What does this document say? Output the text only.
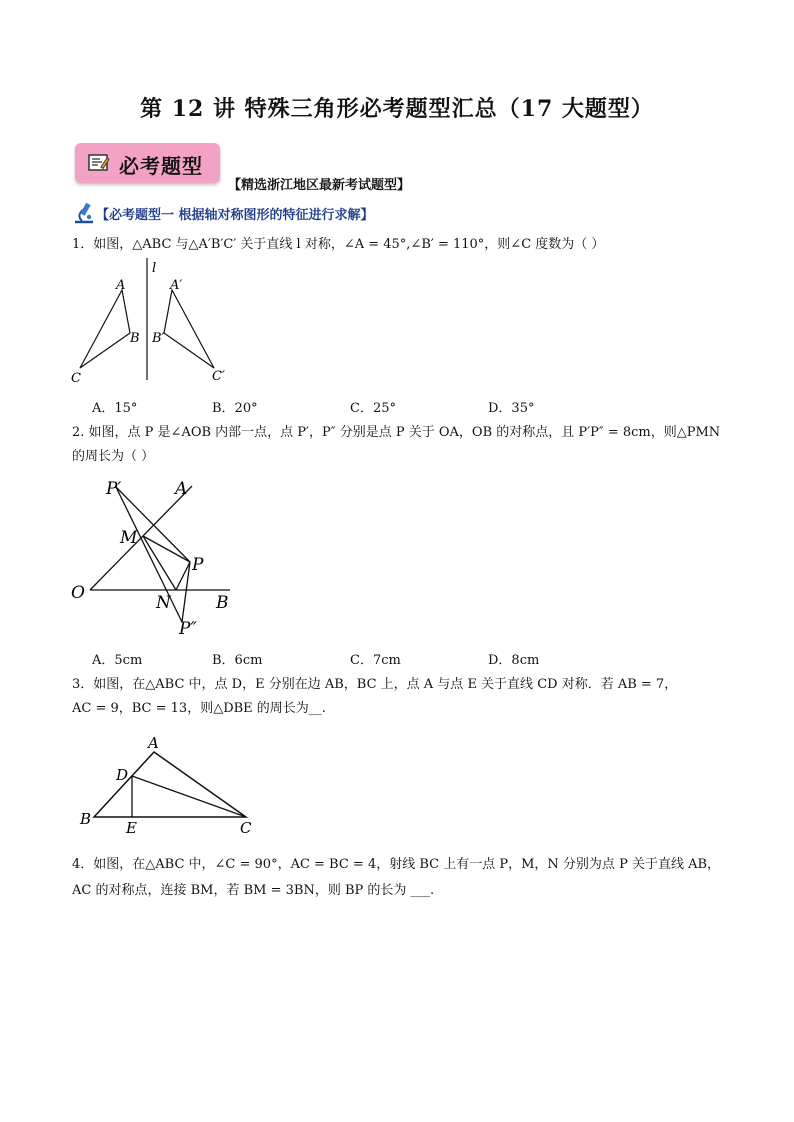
第 12 讲 特殊三角形必考题型汇总（17 大题型）
必考题型
【精选浙江地区最新考试题型】
【必考题型一 根据轴对称图形的特征进行求解】
1．如图，△ABC 与△A′B′C′ 关于直线 l 对称，∠A = 45°,∠B′ = 110°，则∠C 度数为（ ）
l
A	A′
B B′
C	C′
A．15°	B．20°	C．25°	D．35°
2. 如图，点 P 是∠AOB 内部一点，点 P′，P″ 分别是点 P 关于 OA，OB 的对称点，且 P′P″ = 8cm，则△PMN
的周长为（ ）
P′	A
M
P
O	N	B
P″
A．5cm	B．6cm	C．7cm	D．8cm
3．如图，在△ABC 中，点 D，E 分别在边 AB，BC 上，点 A 与点 E 关于直线 CD 对称．若 AB = 7，
AC = 9，BC = 13，则△DBE 的周长为__.
A
D
B E	C
4．如图，在△ABC 中，∠C = 90°，AC = BC = 4，射线 BC 上有一点 P，M，N 分别为点 P 关于直线 AB，
AC 的对称点，连接 BM，若 BM = 3BN，则 BP 的长为 ___.
